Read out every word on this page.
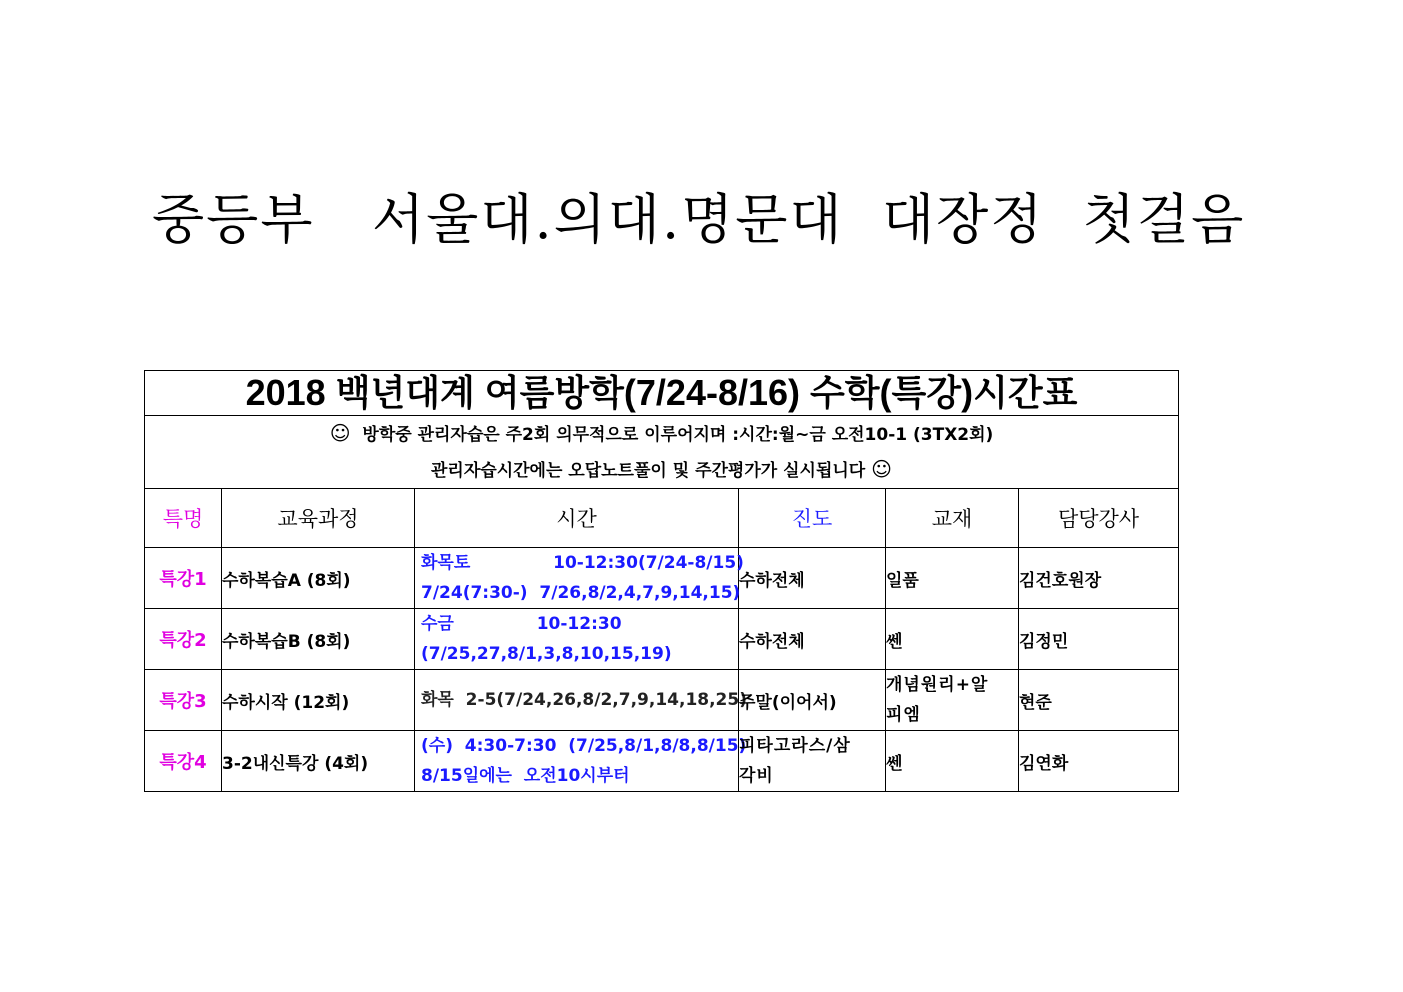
중등부   서울대.의대.명문대  대장정  첫걸음
2018 백년대계 여름방학(7/24-8/16) 수학(특강)시간표					

☺ 방학중 관리자습은 주2회 의무적으로 이루어지며 :시간:월~금 오전10-1 (3TX2회)
관리자습시간에는 오답노트풀이 및 주간평가가 실시됩니다 ☺					

특명	교육과정	시간	진도	교재	담당강사
특강1	수하복습A (8회)	화목토              10-12:30(7/24-8/15)
7/24(7:30-)  7/26,8/2,4,7,9,14,15)	수하전체	일품	김건호원장
특강2	수하복습B (8회)	수금              10-12:30
(7/25,27,8/1,3,8,10,15,19)	수하전체	쎈	김정민
특강3	수하시작 (12회)	화목  2-5(7/24,26,8/2,7,9,14,18,25)	주말(이어서)	개념원리+알
피엠	현준
특강4	3-2내신특강 (4회)	(수)  4:30-7:30  (7/25,8/1,8/8,8/15)
8/15일에는  오전10시부터	피타고라스/삼
각비	쎈	김연화
